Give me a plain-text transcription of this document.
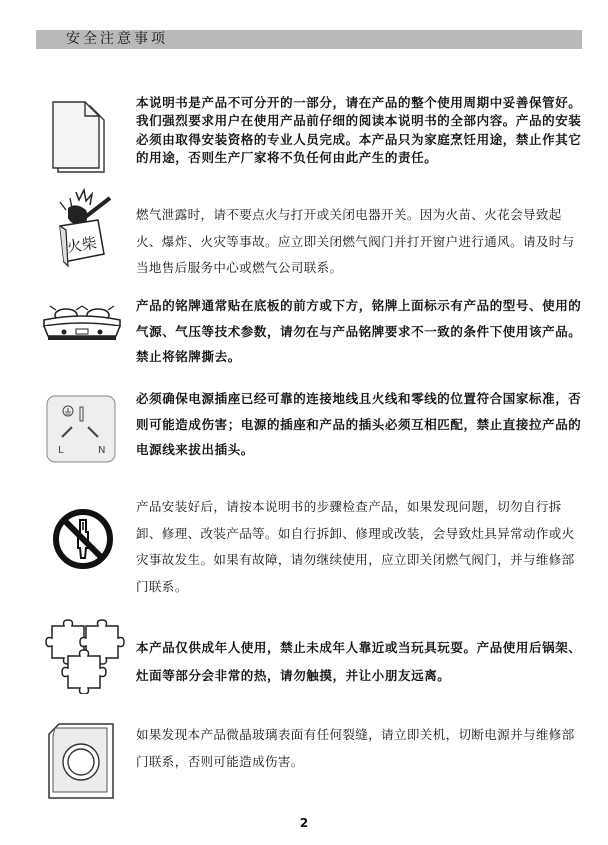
安全注意事项
本说明书是产品不可分开的一部分，请在产品的整个使用周期中妥善保管好。我们强烈要求用户在使用产品前仔细的阅读本说明书的全部内容。产品的安装必须由取得安装资格的专业人员完成。本产品只为家庭烹饪用途，禁止作其它的用途，否则生产厂家将不负任何由此产生的责任。
火柴
燃气泄露时，请不要点火与打开或关闭电器开关。因为火苗、火花会导致起火、爆炸、火灾等事故。应立即关闭燃气阀门并打开窗户进行通风。请及时与当地售后服务中心或燃气公司联系。
产品的铭牌通常贴在底板的前方或下方，铭牌上面标示有产品的型号、使用的气源、气压等技术参数，请勿在与产品铭牌要求不一致的条件下使用该产品。禁止将铭牌撕去。
L	N
必须确保电源插座已经可靠的连接地线且火线和零线的位置符合国家标准，否则可能造成伤害；电源的插座和产品的插头必须互相匹配，禁止直接拉产品的电源线来拔出插头。
产品安装好后，请按本说明书的步骤检查产品，如果发现问题，切勿自行拆卸、修理、改装产品等。如自行拆卸、修理或改装，会导致灶具异常动作或火灾事故发生。如果有故障，请勿继续使用，应立即关闭燃气阀门，并与维修部门联系。
本产品仅供成年人使用，禁止未成年人靠近或当玩具玩耍。产品使用后锅架、灶面等部分会非常的热，请勿触摸，并让小朋友远离。
如果发现本产品微晶玻璃表面有任何裂缝，请立即关机，切断电源并与维修部门联系，否则可能造成伤害。
2
